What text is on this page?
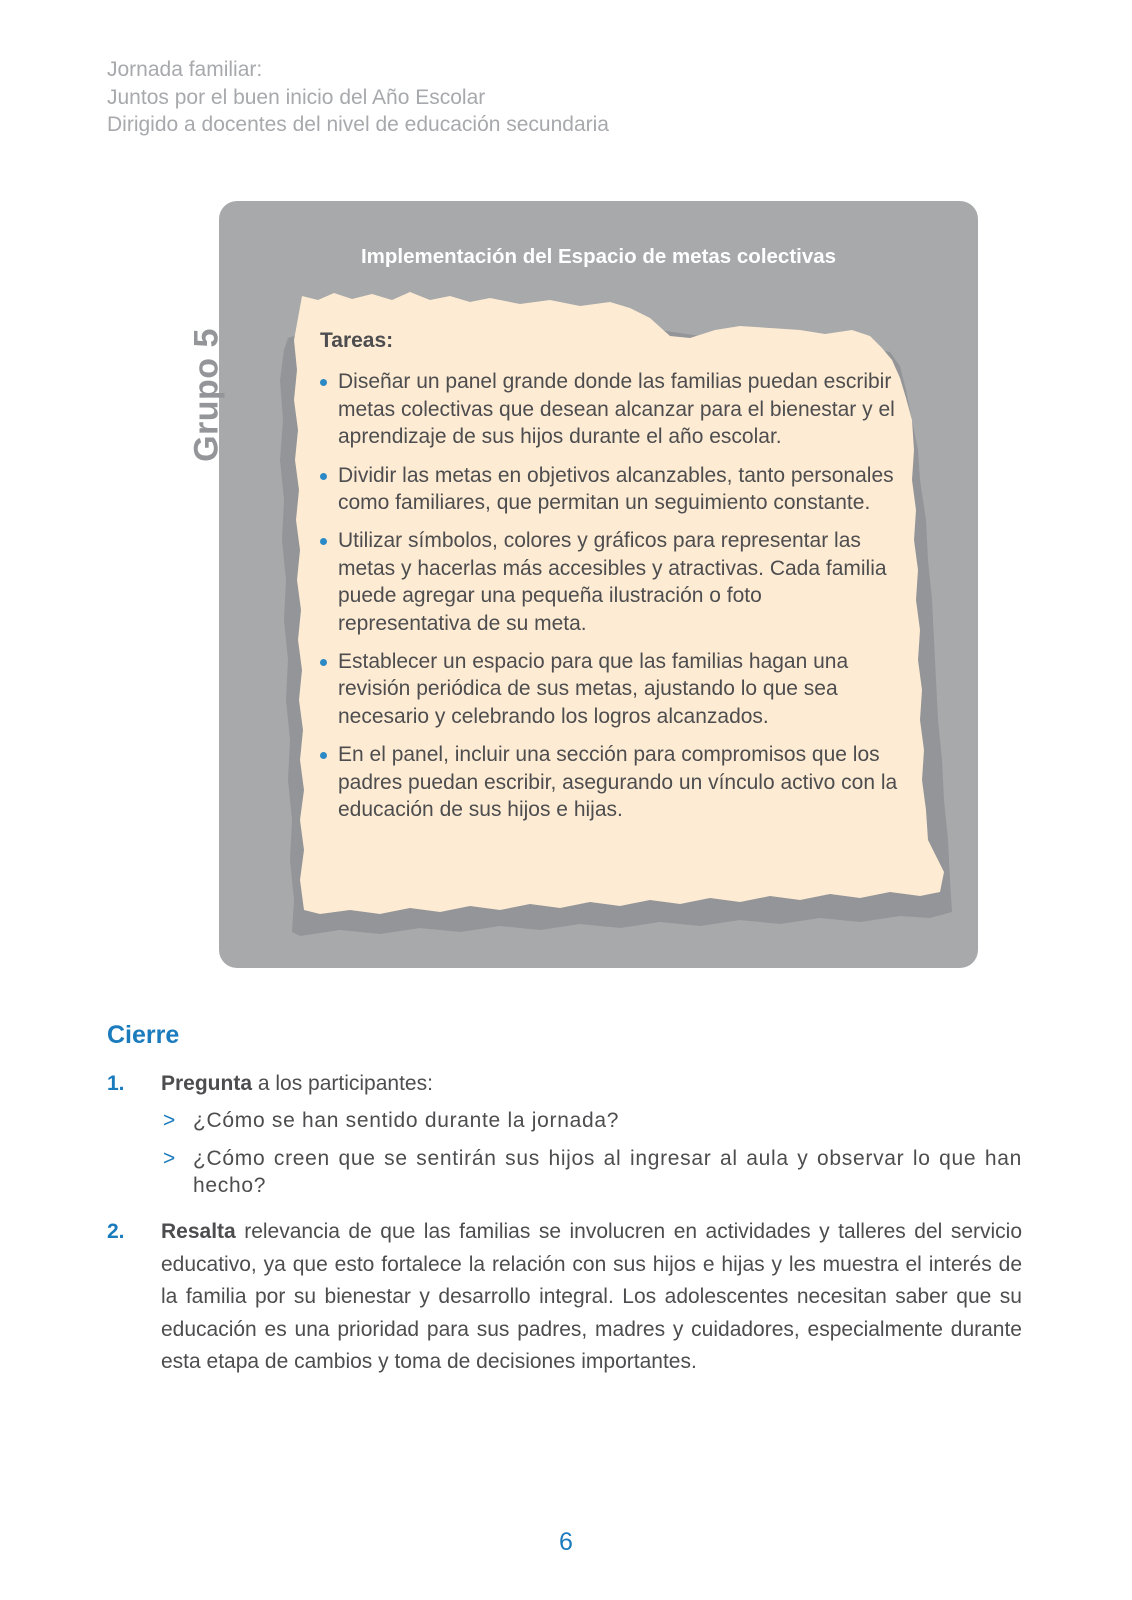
Jornada familiar:
Juntos por el buen inicio del Año Escolar
Dirigido a docentes del nivel de educación secundaria
Implementación del Espacio de metas colectivas
Grupo 5	Tareas:
Diseñar un panel grande donde las familias puedan escribir metas colectivas que desean alcanzar para el bienestar y el aprendizaje de sus hijos durante el año escolar.
Dividir las metas en objetivos alcanzables, tanto personales como familiares, que permitan un seguimiento constante.
Utilizar símbolos, colores y gráficos para representar las metas y hacerlas más accesibles y atractivas. Cada familia puede agregar una pequeña ilustración o foto representativa de su meta.
Establecer un espacio para que las familias hagan una revisión periódica de sus metas, ajustando lo que sea necesario y celebrando los logros alcanzados.
En el panel, incluir una sección para compromisos que los padres puedan escribir, asegurando un vínculo activo con la educación de sus hijos e hijas.
Cierre
1. Pregunta a los participantes:
> ¿Cómo se han sentido durante la jornada?
> ¿Cómo creen que se sentirán sus hijos al ingresar al aula y observar lo que han hecho?
2. Resalta relevancia de que las familias se involucren en actividades y talleres del servicio educativo, ya que esto fortalece la relación con sus hijos e hijas y les muestra el interés de la familia por su bienestar y desarrollo integral. Los adolescentes necesitan saber que su educación es una prioridad para sus padres, madres y cuidadores, especialmente durante esta etapa de cambios y toma de decisiones importantes.
6
